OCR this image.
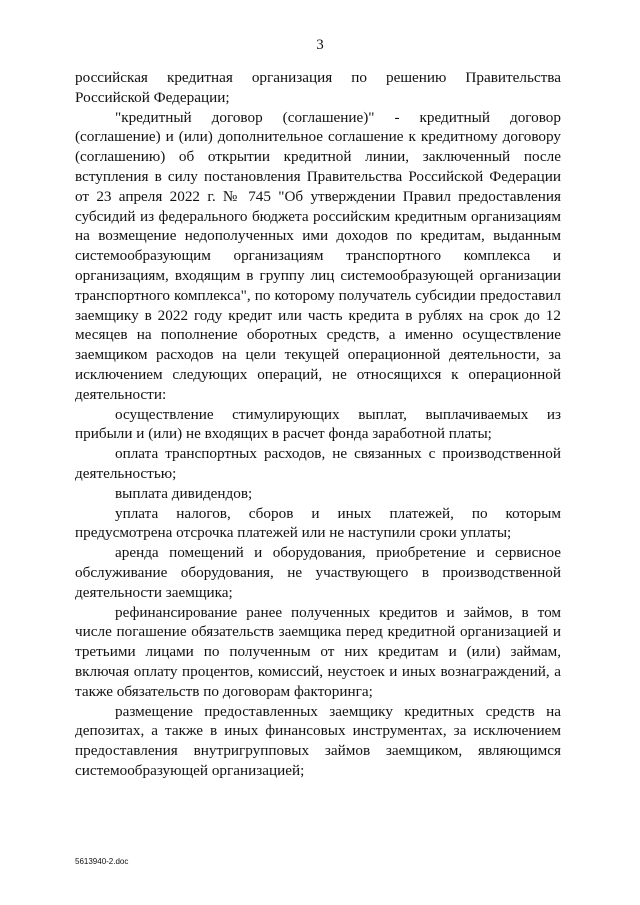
3

российская кредитная организация по решению Правительства Российской Федерации;

"кредитный договор (соглашение)" - кредитный договор (соглашение) и (или) дополнительное соглашение к кредитному договору (соглашению) об открытии кредитной линии, заключенный после вступления в силу постановления Правительства Российской Федерации от 23 апреля 2022 г. № 745 "Об утверждении Правил предоставления субсидий из федерального бюджета российским кредитным организациям на возмещение недополученных ими доходов по кредитам, выданным системообразующим организациям транспортного комплекса и организациям, входящим в группу лиц системообразующей организации транспортного комплекса", по которому получатель субсидии предоставил заемщику в 2022 году кредит или часть кредита в рублях на срок до 12 месяцев на пополнение оборотных средств, а именно осуществление заемщиком расходов на цели текущей операционной деятельности, за исключением следующих операций, не относящихся к операционной деятельности:

осуществление стимулирующих выплат, выплачиваемых из прибыли и (или) не входящих в расчет фонда заработной платы;

оплата транспортных расходов, не связанных с производственной деятельностью;

выплата дивидендов;

уплата налогов, сборов и иных платежей, по которым предусмотрена отсрочка платежей или не наступили сроки уплаты;

аренда помещений и оборудования, приобретение и сервисное обслуживание оборудования, не участвующего в производственной деятельности заемщика;

рефинансирование ранее полученных кредитов и займов, в том числе погашение обязательств заемщика перед кредитной организацией и третьими лицами по полученным от них кредитам и (или) займам, включая оплату процентов, комиссий, неустоек и иных вознаграждений, а также обязательств по договорам факторинга;

размещение предоставленных заемщику кредитных средств на депозитах, а также в иных финансовых инструментах, за исключением предоставления внутригрупповых займов заемщиком, являющимся системообразующей организацией;

5613940-2.doc
